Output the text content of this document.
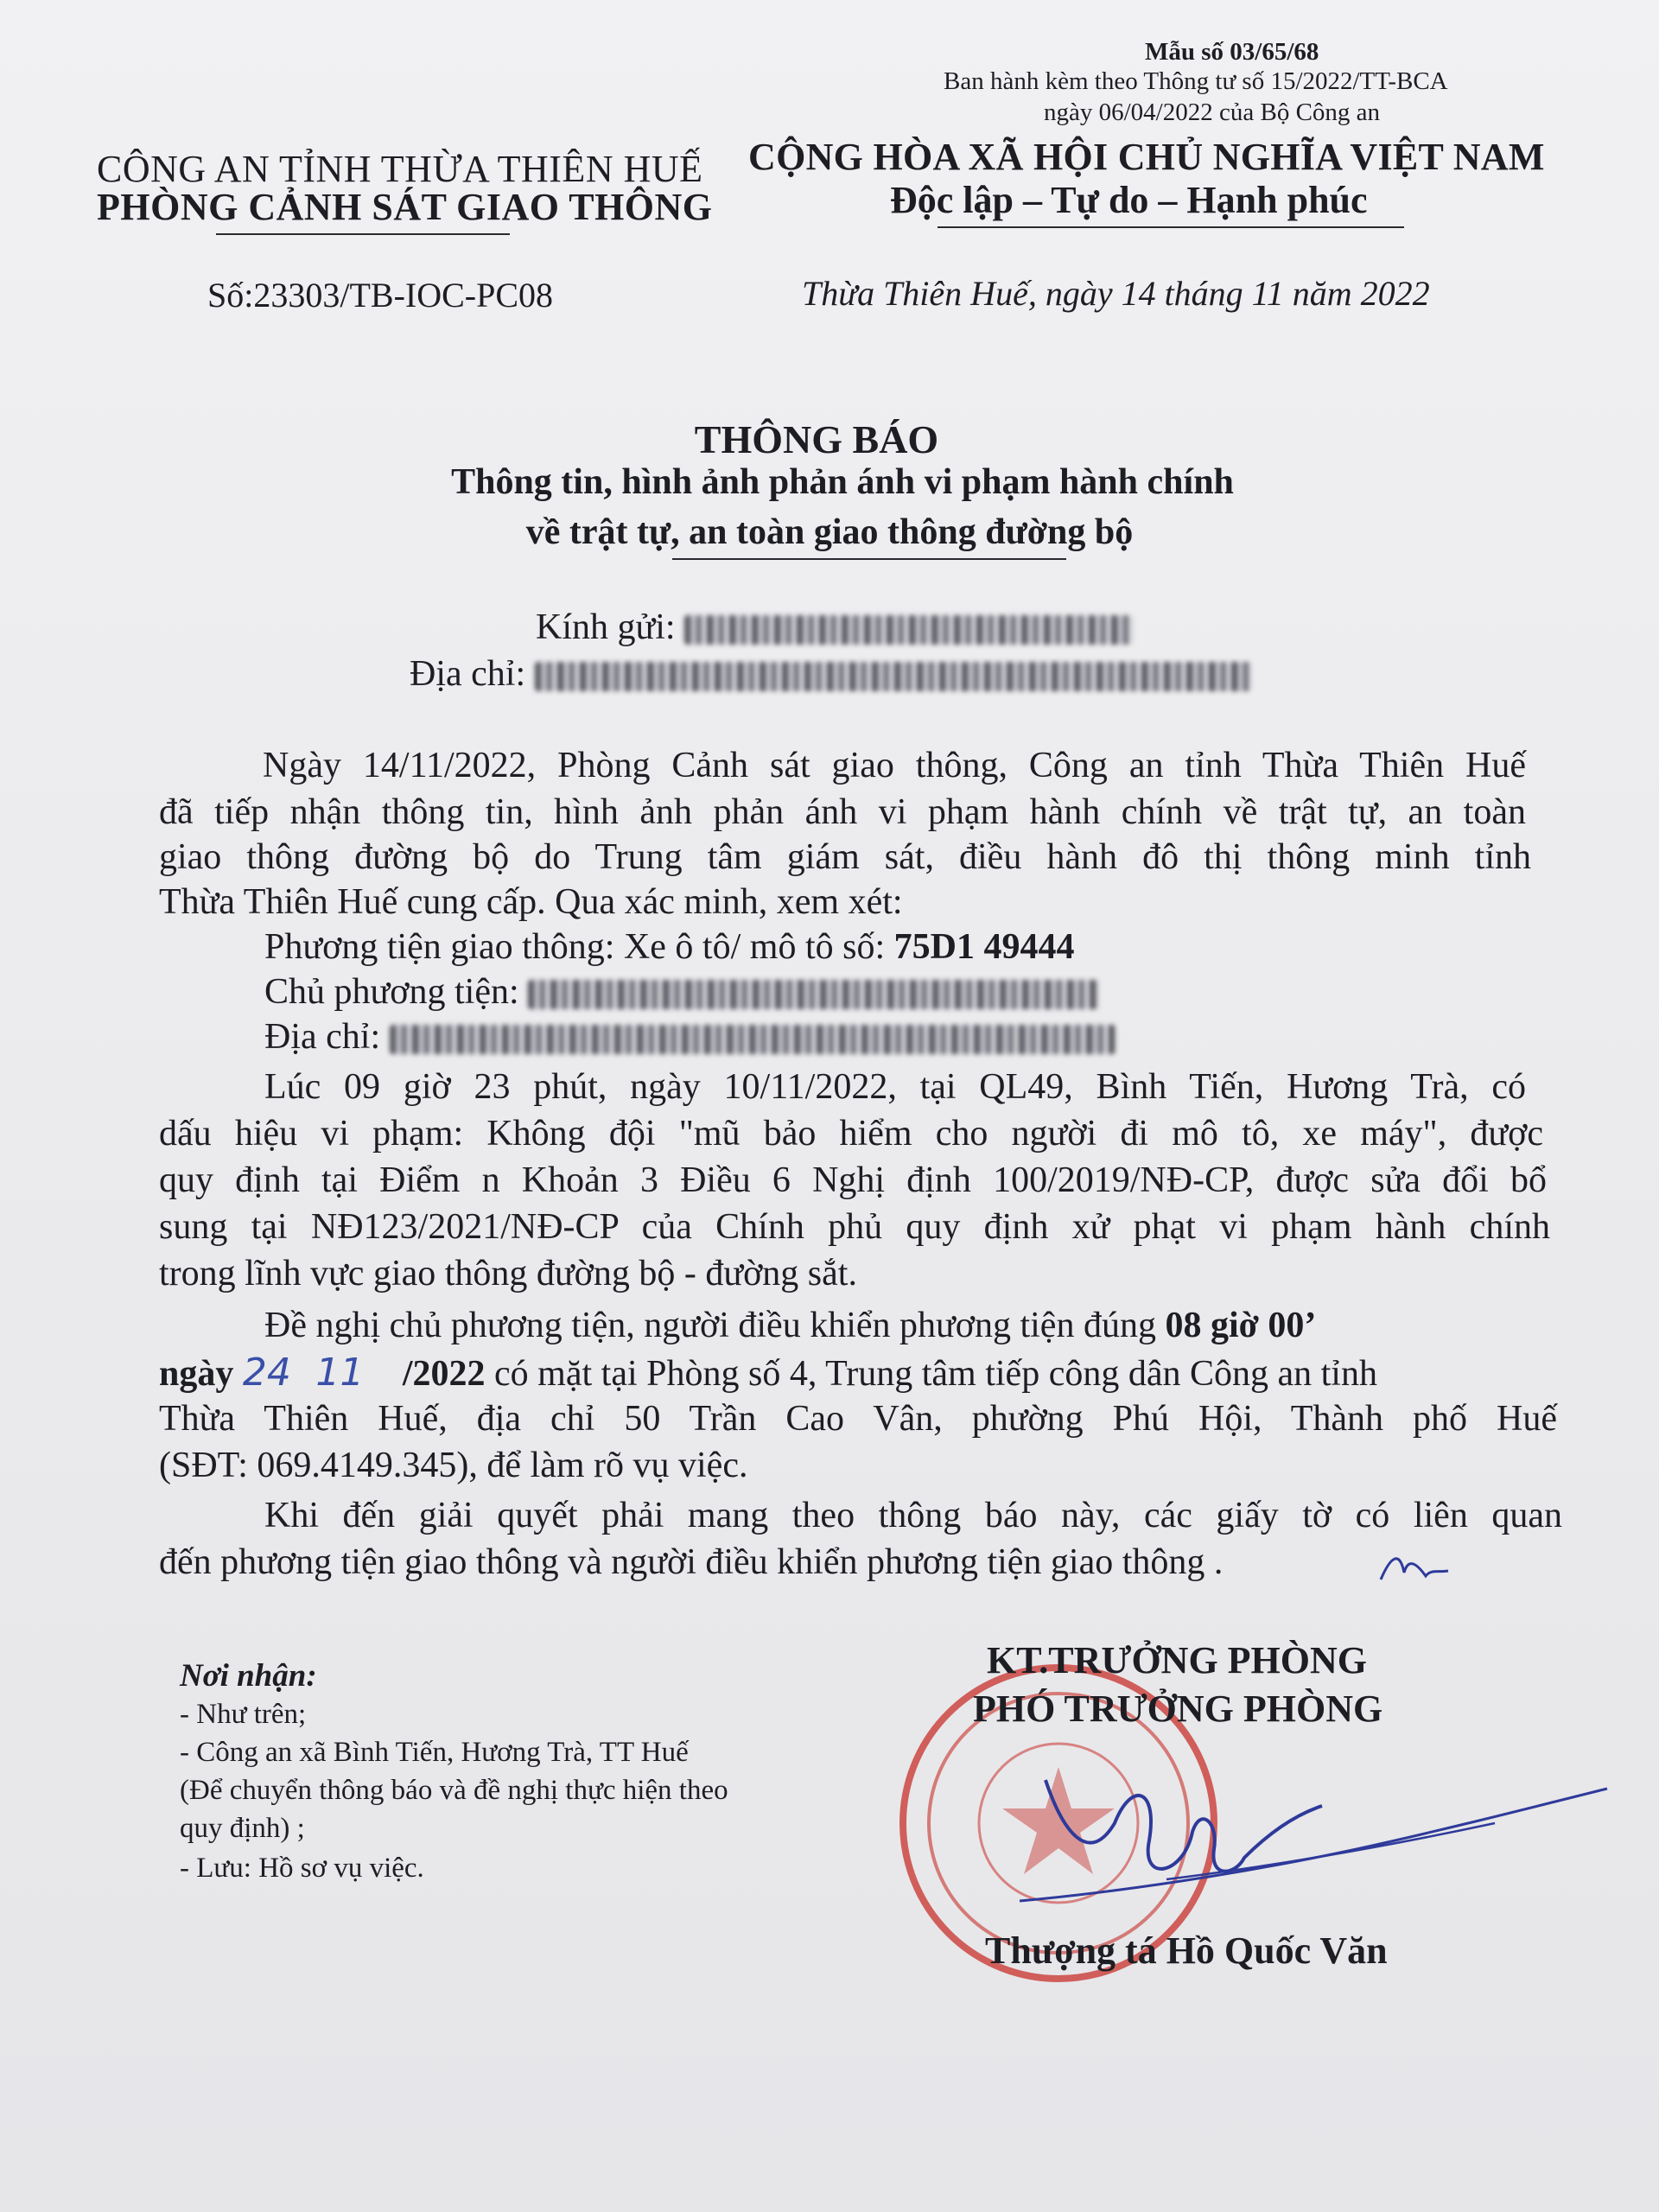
Mẫu số 03/65/68
Ban hành kèm theo Thông tư số 15/2022/TT-BCA
ngày 06/04/2022 của Bộ Công an
CÔNG AN TỈNH THỪA THIÊN HUẾ
PHÒNG CẢNH SÁT GIAO THÔNG
Số:23303/TB-IOC-PC08
CỘNG HÒA XÃ HỘI CHỦ NGHĨA VIỆT NAM
Độc lập – Tự do – Hạnh phúc
Thừa Thiên Huế, ngày 14 tháng 11 năm 2022
THÔNG BÁO
Thông tin, hình ảnh phản ánh vi phạm hành chính
về trật tự, an toàn giao thông đường bộ
Kính gửi:
Địa chỉ:
Ngày 14/11/2022, Phòng Cảnh sát giao thông, Công an tỉnh Thừa Thiên Huế
đã tiếp nhận thông tin, hình ảnh phản ánh vi phạm hành chính về trật tự, an toàn
giao thông đường bộ do Trung tâm giám sát, điều hành đô thị thông minh tỉnh
Thừa Thiên Huế cung cấp. Qua xác minh, xem xét:
Phương tiện giao thông: Xe ô tô/ mô tô số: 75D1 49444
Chủ phương tiện:
Địa chỉ:
Lúc 09 giờ 23 phút, ngày 10/11/2022, tại QL49, Bình Tiến, Hương Trà, có
dấu hiệu vi phạm: Không đội "mũ bảo hiểm cho người đi mô tô, xe máy", được
quy định tại Điểm n Khoản 3 Điều 6 Nghị định 100/2019/NĐ-CP, được sửa đổi bổ
sung tại NĐ123/2021/NĐ-CP của Chính phủ quy định xử phạt vi phạm hành chính
trong lĩnh vực giao thông đường bộ - đường sắt.
Đề nghị chủ phương tiện, người điều khiển phương tiện đúng 08 giờ 00’
ngày 24 11 /2022 có mặt tại Phòng số 4, Trung tâm tiếp công dân Công an tỉnh
Thừa Thiên Huế, địa chỉ 50 Trần Cao Vân, phường Phú Hội, Thành phố Huế
(SĐT: 069.4149.345), để làm rõ vụ việc.
Khi đến giải quyết phải mang theo thông báo này, các giấy tờ có liên quan
đến phương tiện giao thông và người điều khiển phương tiện giao thông .
Nơi nhận:
- Như trên;
- Công an xã Bình Tiến, Hương Trà, TT Huế
(Để chuyển thông báo và đề nghị thực hiện theo
quy định) ;
- Lưu: Hồ sơ vụ việc.
KT.TRƯỞNG PHÒNG
PHÓ TRƯỞNG PHÒNG
Thượng tá Hồ Quốc Văn
